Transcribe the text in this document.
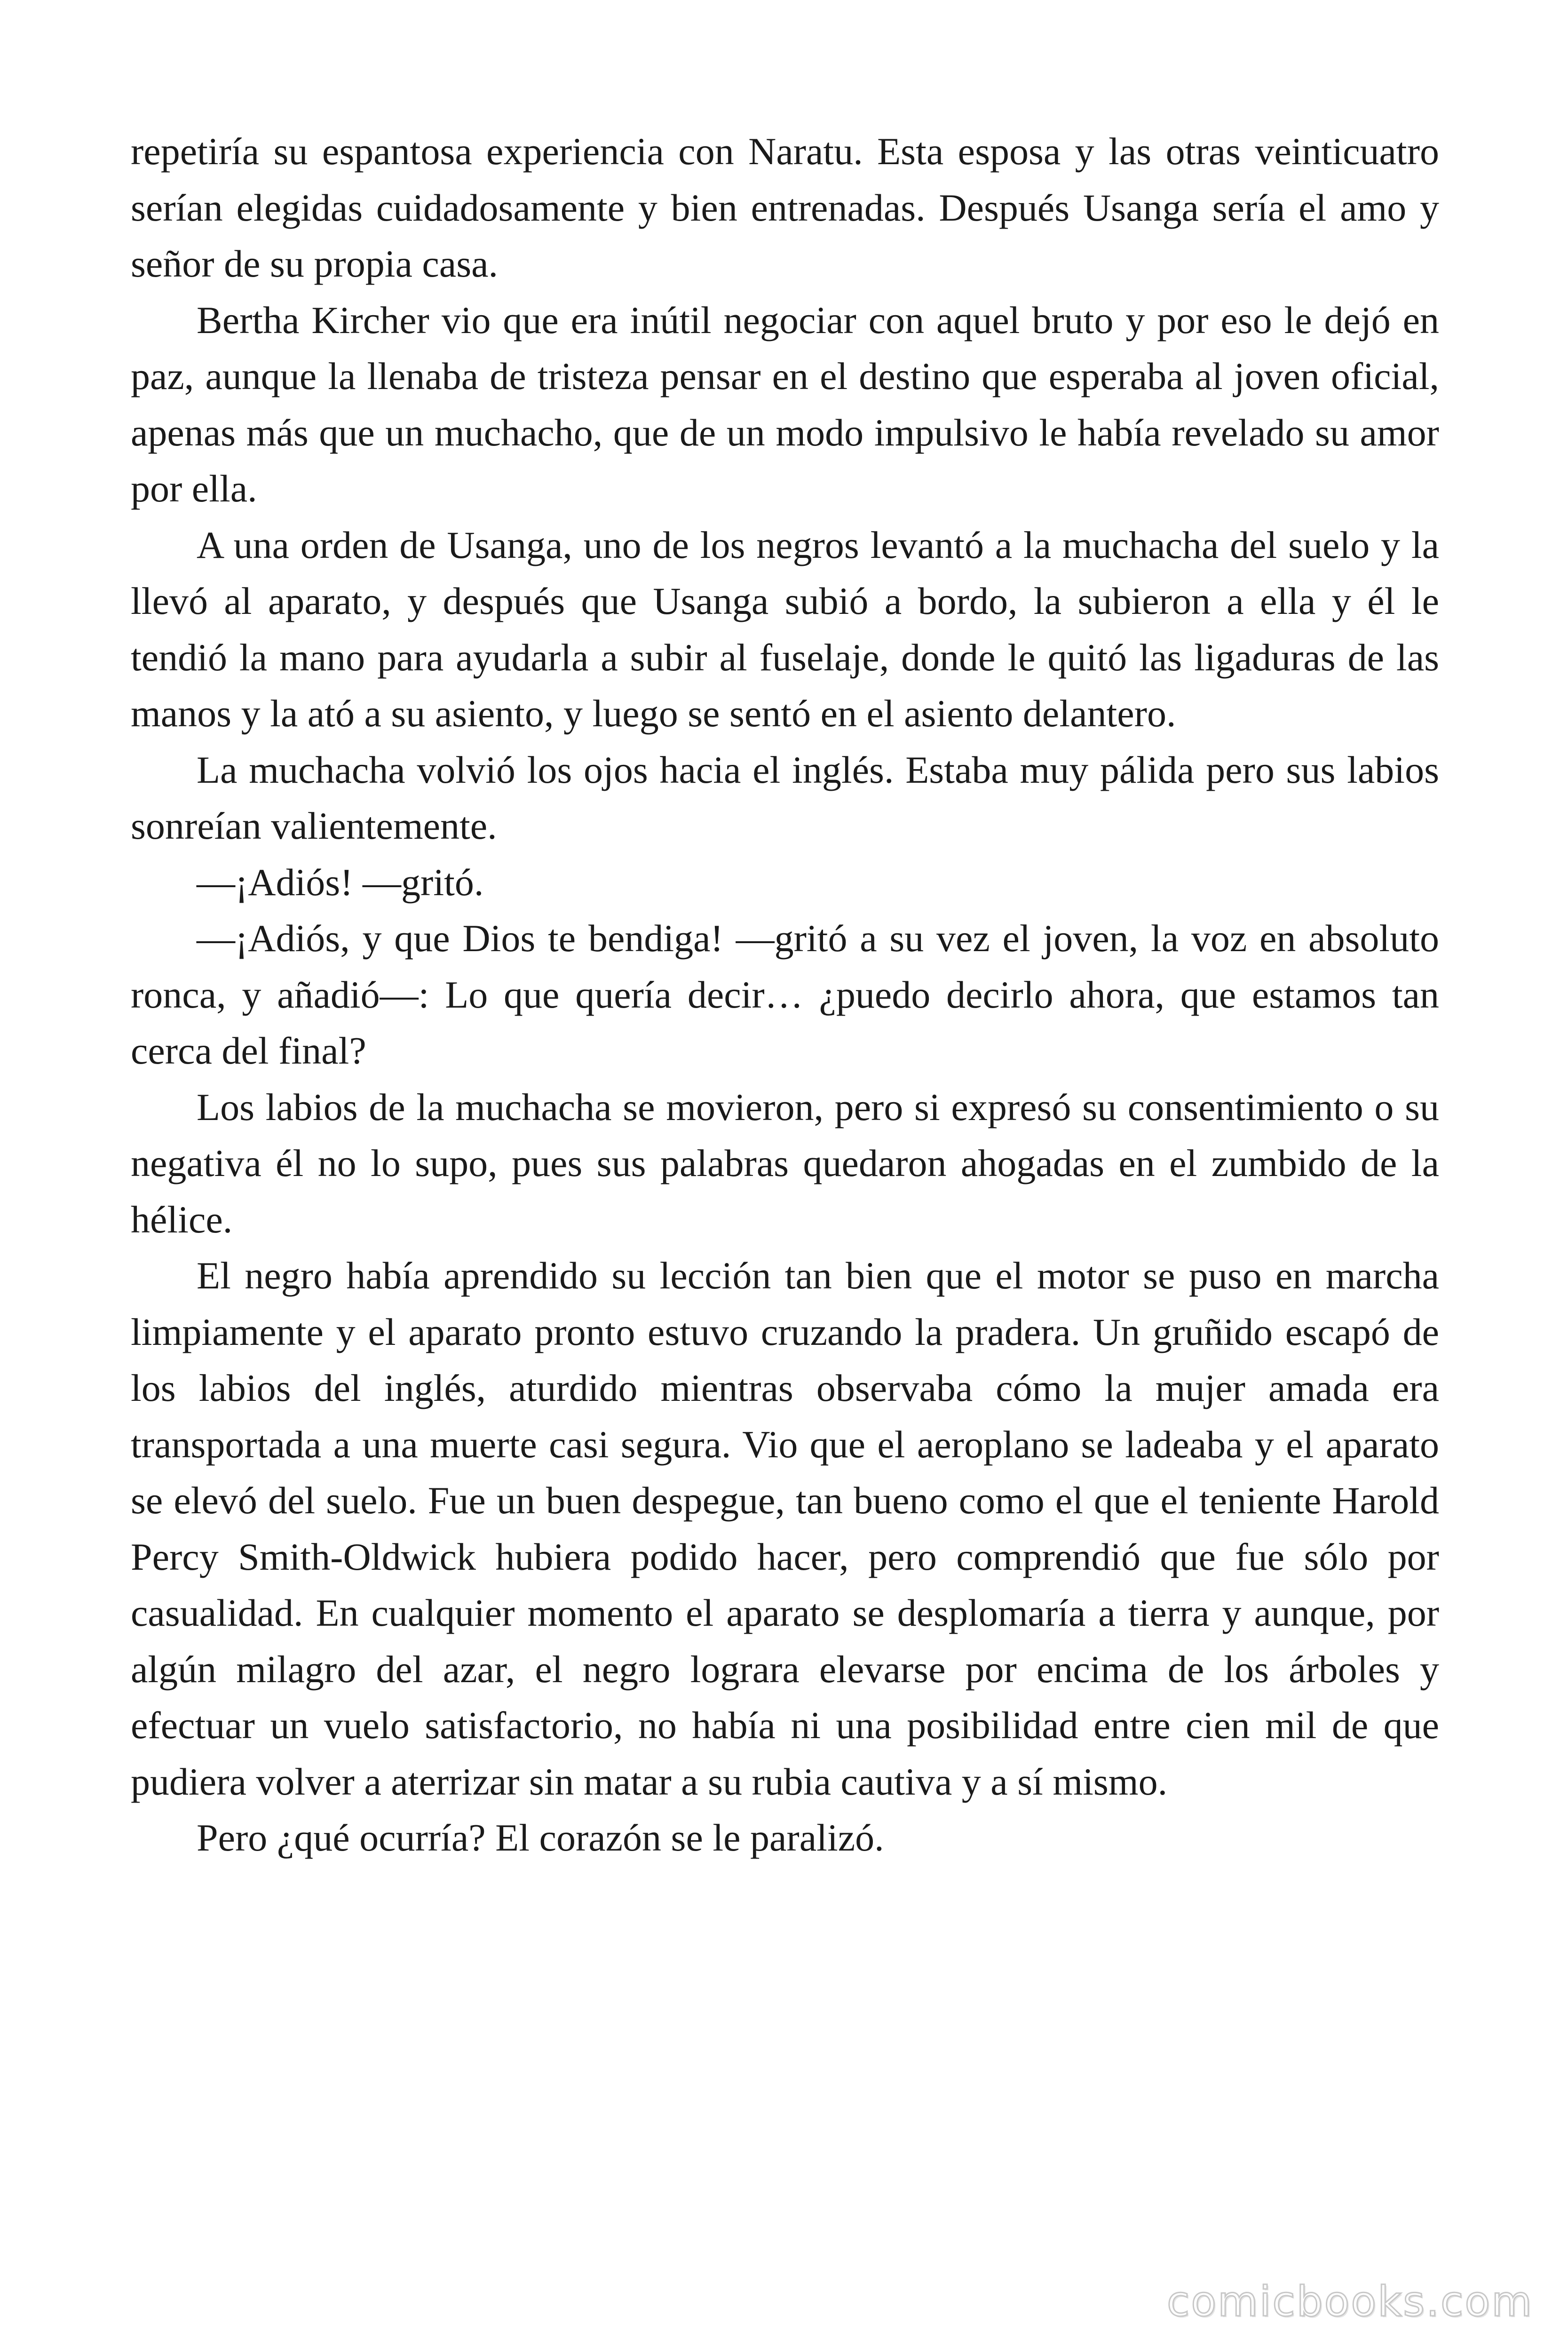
repetiría su espantosa experiencia con Naratu. Esta esposa y las otras veinticuatro serían elegidas cuidadosamente y bien entrenadas. Después Usanga sería el amo y señor de su propia casa.

Bertha Kircher vio que era inútil negociar con aquel bruto y por eso le dejó en paz, aunque la llenaba de tristeza pensar en el destino que esperaba al joven oficial, apenas más que un muchacho, que de un modo impulsivo le había revelado su amor por ella.

A una orden de Usanga, uno de los negros levantó a la muchacha del suelo y la llevó al aparato, y después que Usanga subió a bordo, la subieron a ella y él le tendió la mano para ayudarla a subir al fuselaje, donde le quitó las ligaduras de las manos y la ató a su asiento, y luego se sentó en el asiento delantero.

La muchacha volvió los ojos hacia el inglés. Estaba muy pálida pero sus labios sonreían valientemente.

—¡Adiós! —gritó.

—¡Adiós, y que Dios te bendiga! —gritó a su vez el joven, la voz en absoluto ronca, y añadió—: Lo que quería decir… ¿puedo decirlo ahora, que estamos tan cerca del final?

Los labios de la muchacha se movieron, pero si expresó su consentimiento o su negativa él no lo supo, pues sus palabras quedaron ahogadas en el zumbido de la hélice.

El negro había aprendido su lección tan bien que el motor se puso en marcha limpiamente y el aparato pronto estuvo cruzando la pradera. Un gruñido escapó de los labios del inglés, aturdido mientras observaba cómo la mujer amada era transportada a una muerte casi segura. Vio que el aeroplano se ladeaba y el aparato se elevó del suelo. Fue un buen despegue, tan bueno como el que el teniente Harold Percy Smith-Oldwick hubiera podido hacer, pero comprendió que fue sólo por casualidad. En cualquier momento el aparato se desplomaría a tierra y aunque, por algún milagro del azar, el negro lograra elevarse por encima de los árboles y efectuar un vuelo satisfactorio, no había ni una posibilidad entre cien mil de que pudiera volver a aterrizar sin matar a su rubia cautiva y a sí mismo.

Pero ¿qué ocurría? El corazón se le paralizó.

comicbooks.com
